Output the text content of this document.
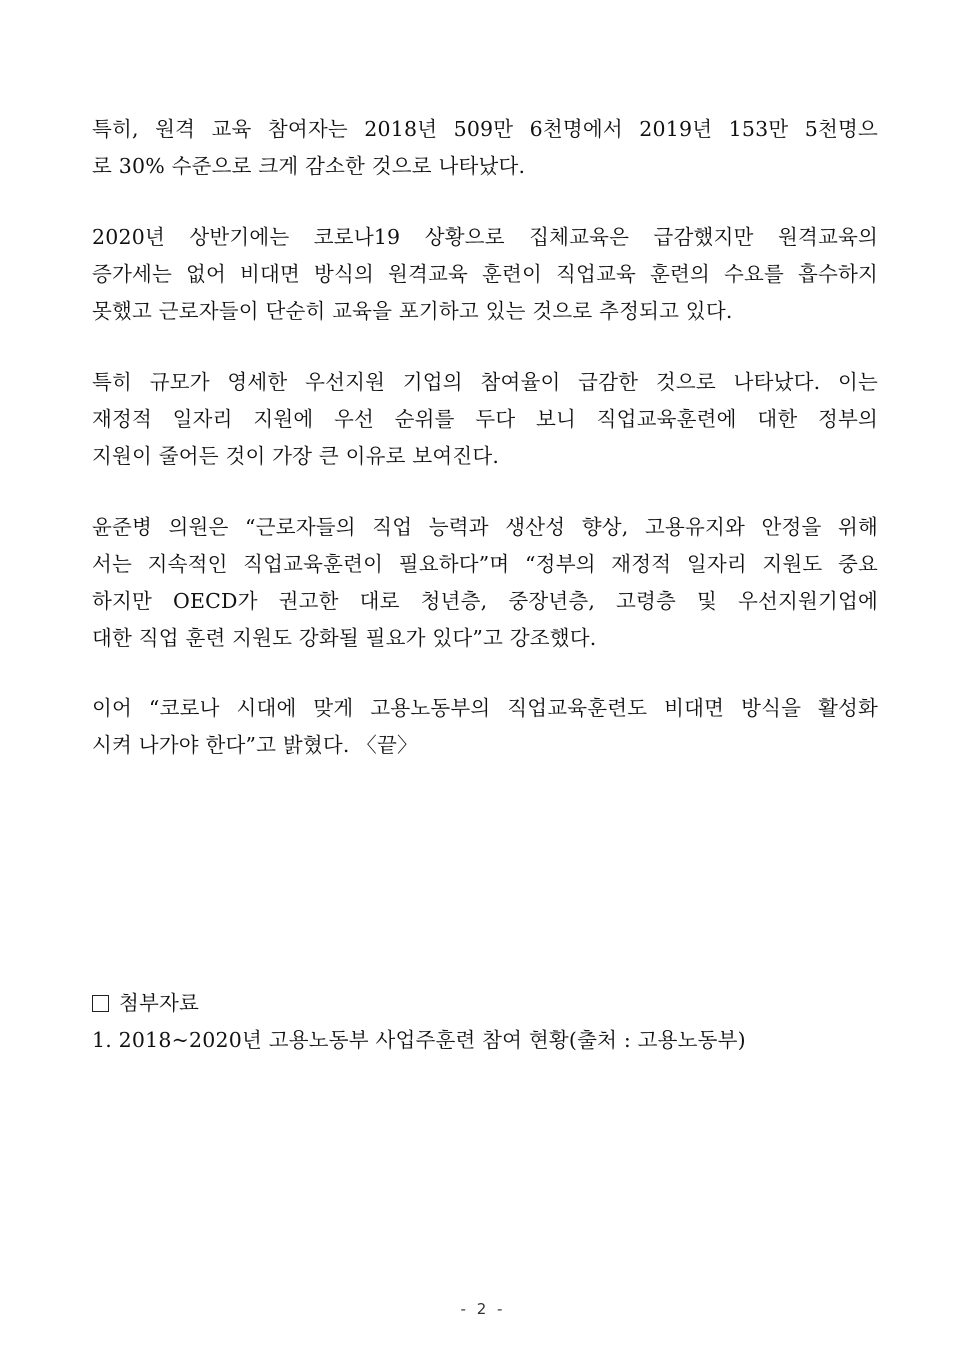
특히, 원격 교육 참여자는 2018년 509만 6천명에서 2019년 153만 5천명으
로 30% 수준으로 크게 감소한 것으로 나타났다.
2020년 상반기에는 코로나19 상황으로 집체교육은 급감했지만 원격교육의
증가세는 없어 비대면 방식의 원격교육 훈련이 직업교육 훈련의 수요를 흡수하지
못했고 근로자들이 단순히 교육을 포기하고 있는 것으로 추정되고 있다.
특히 규모가 영세한 우선지원 기업의 참여율이 급감한 것으로 나타났다. 이는
재정적 일자리 지원에 우선 순위를 두다 보니 직업교육훈련에 대한 정부의
지원이 줄어든 것이 가장 큰 이유로 보여진다.
윤준병 의원은 “근로자들의 직업 능력과 생산성 향상, 고용유지와 안정을 위해
서는 지속적인 직업교육훈련이 필요하다”며 “정부의 재정적 일자리 지원도 중요
하지만 OECD가 권고한 대로 청년층, 중장년층, 고령층 및 우선지원기업에
대한 직업 훈련 지원도 강화될 필요가 있다”고 강조했다.
이어 “코로나 시대에 맞게 고용노동부의 직업교육훈련도 비대면 방식을 활성화
시켜 나가야 한다”고 밝혔다. 〈끝〉
첨부자료
1. 2018~2020년 고용노동부 사업주훈련 참여 현황(출처 : 고용노동부)
- 2 -
